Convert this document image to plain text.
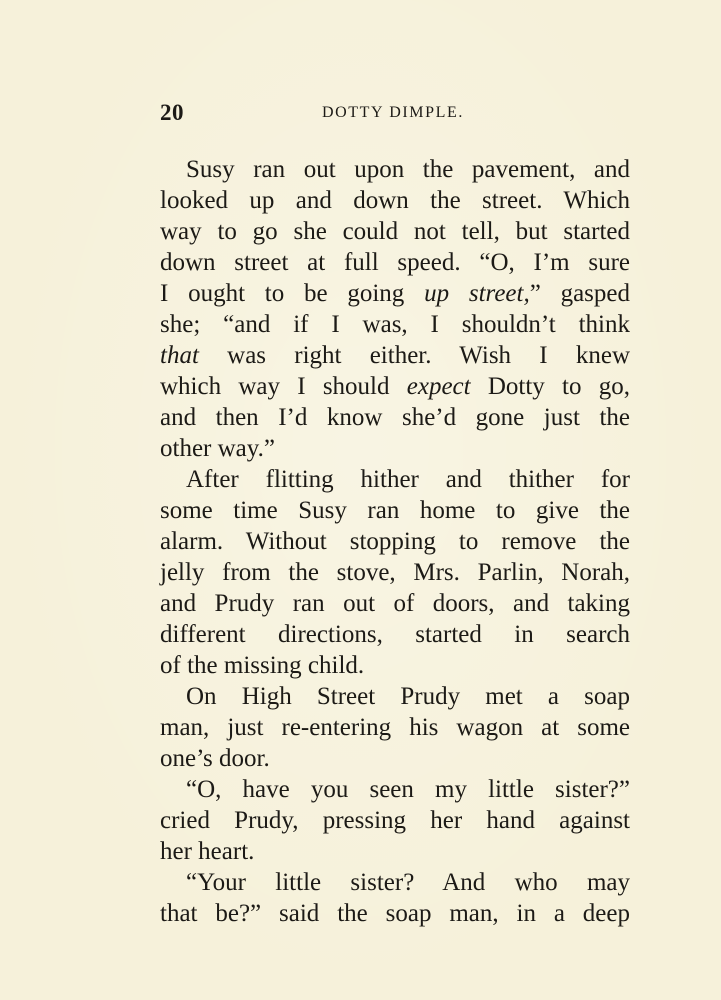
20	DOTTY DIMPLE.
Susy ran out upon the pavement, and
looked up and down the street. Which
way to go she could not tell, but started
down street at full speed. “O, I’m sure
I ought to be going up street,” gasped
she; “and if I was, I shouldn’t think
that was right either. Wish I knew
which way I should expect Dotty to go,
and then I’d know she’d gone just the
other way.”
After flitting hither and thither for
some time Susy ran home to give the
alarm. Without stopping to remove the
jelly from the stove, Mrs. Parlin, Norah,
and Prudy ran out of doors, and taking
different directions, started in search
of the missing child.
On High Street Prudy met a soap
man, just re-entering his wagon at some
one’s door.
“O, have you seen my little sister?”
cried Prudy, pressing her hand against
her heart.
“Your little sister? And who may
that be?” said the soap man, in a deep
